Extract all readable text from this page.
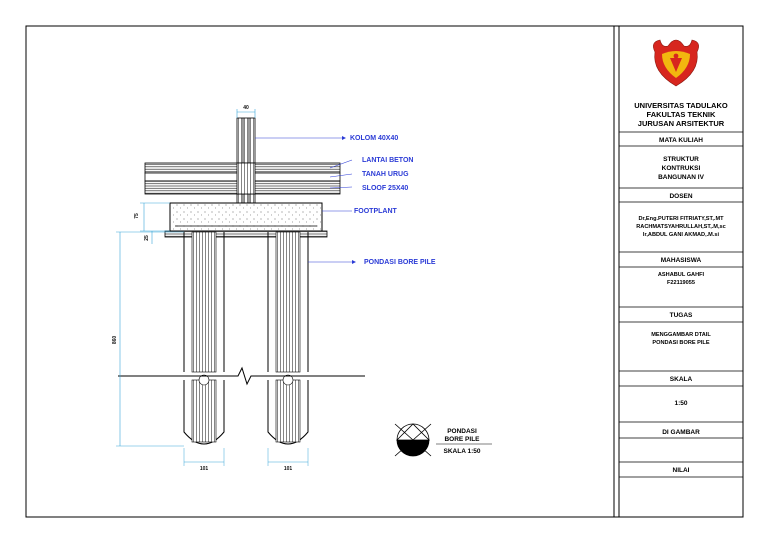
40
75
25
860
101	101
KOLOM 40X40
LANTAI BETON
TANAH URUG
SLOOF 25X40
FOOTPLANT
PONDASI BORE PILE
PONDASI
BORE PILE
SKALA 1:50
UNIVERSITAS TADULAKO
FAKULTAS TEKNIK
JURUSAN ARSITEKTUR
MATA KULIAH
STRUKTUR
KONTRUKSI
BANGUNAN IV
DOSEN
Dr,Eng.PUTERI FITRIATY,ST,.MT
RACHMATSYAHRULLAH,ST,.M,sc
Ir,ABDUL GANI AKMAD,.M.si
MAHASISWA
ASHABUL GAHFI
F22119055
TUGAS
MENGGAMBAR DTAIL
PONDASI BORE PILE
SKALA
1:50
DI GAMBAR
NILAI
